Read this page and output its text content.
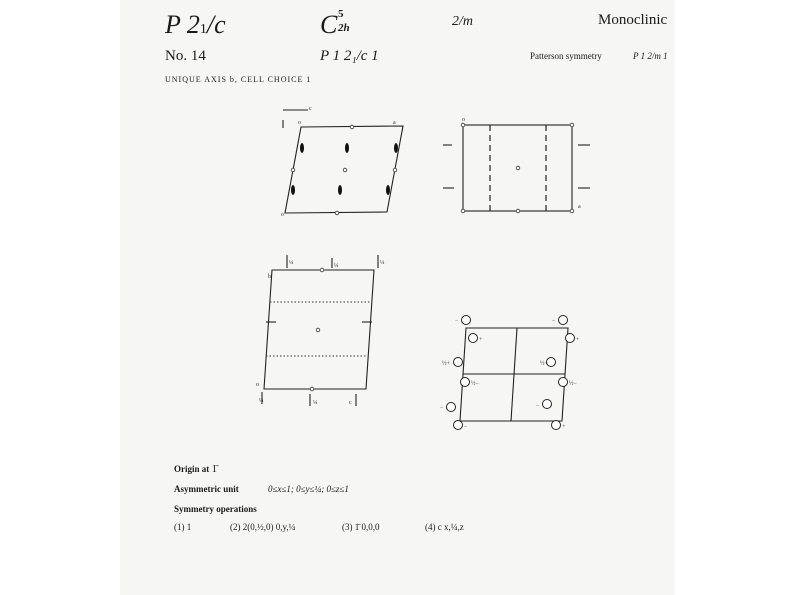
P 21/c	C 5
2h	2/m	Monoclinic
No. 14	P 1 2₁/c 1	Patterson symmetry	P 1 2/m 1
UNIQUE AXIS b, CELL CHOICE 1
o	a
c
o
o
a
b
¼	¼	¼
o
¼	¼	c
−	−
+	+
½+	½+
½−	½−
−	−
−	+
Origin at 1̄
Asymmetric unit	0≤x≤1; 0≤y≤¼; 0≤z≤1
Symmetry operations
(1) 1	(2) 2(0,½,0) 0,y,¼	(3) 1̄ 0,0,0	(4) c x,¼,z
